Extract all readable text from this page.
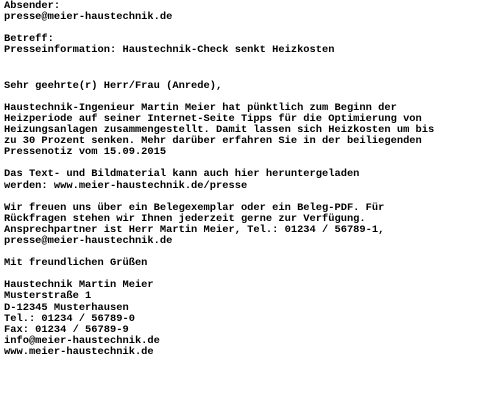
Absender:
presse@meier-haustechnik.de
Betreff:
Presseinformation: Haustechnik-Check senkt Heizkosten
Sehr geehrte(r) Herr/Frau (Anrede),
Haustechnik-Ingenieur Martin Meier hat pünktlich zum Beginn der
Heizperiode auf seiner Internet-Seite Tipps für die Optimierung von
Heizungsanlagen zusammengestellt. Damit lassen sich Heizkosten um bis
zu 30 Prozent senken. Mehr darüber erfahren Sie in der beiliegenden
Pressenotiz vom 15.09.2015
Das Text- und Bildmaterial kann auch hier heruntergeladen
werden: www.meier-haustechnik.de/presse
Wir freuen uns über ein Belegexemplar oder ein Beleg-PDF. Für
Rückfragen stehen wir Ihnen jederzeit gerne zur Verfügung.
Ansprechpartner ist Herr Martin Meier, Tel.: 01234 / 56789-1,
presse@meier-haustechnik.de
Mit freundlichen Grüßen
Haustechnik Martin Meier
Musterstraße 1
D-12345 Musterhausen
Tel.: 01234 / 56789-0
Fax: 01234 / 56789-9
info@meier-haustechnik.de
www.meier-haustechnik.de
